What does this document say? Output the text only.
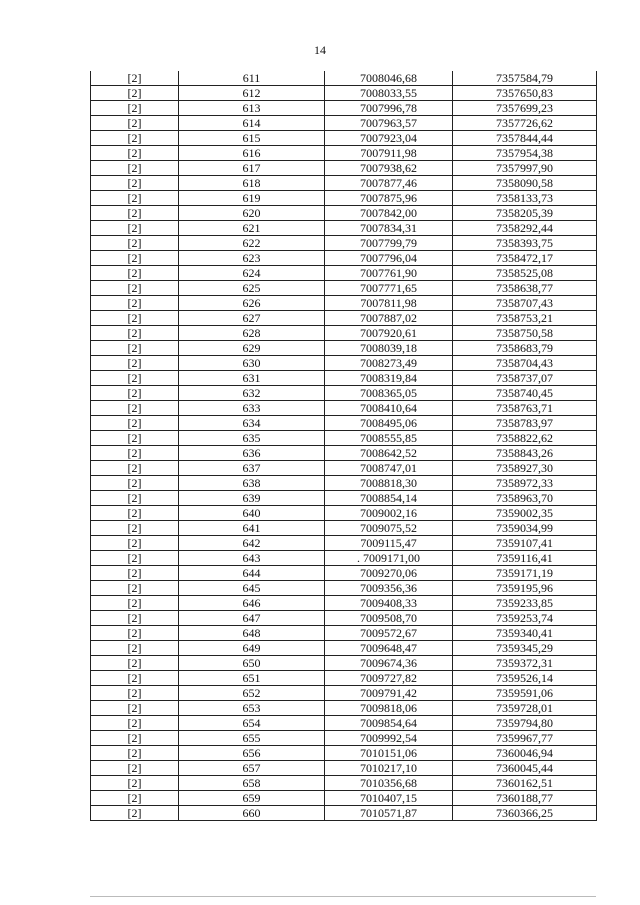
14
[2]	611	7008046,68	7357584,79
[2]	612	7008033,55	7357650,83
[2]	613	7007996,78	7357699,23
[2]	614	7007963,57	7357726,62
[2]	615	7007923,04	7357844,44
[2]	616	7007911,98	7357954,38
[2]	617	7007938,62	7357997,90
[2]	618	7007877,46	7358090,58
[2]	619	7007875,96	7358133,73
[2]	620	7007842,00	7358205,39
[2]	621	7007834,31	7358292,44
[2]	622	7007799,79	7358393,75
[2]	623	7007796,04	7358472,17
[2]	624	7007761,90	7358525,08
[2]	625	7007771,65	7358638,77
[2]	626	7007811,98	7358707,43
[2]	627	7007887,02	7358753,21
[2]	628	7007920,61	7358750,58
[2]	629	7008039,18	7358683,79
[2]	630	7008273,49	7358704,43
[2]	631	7008319,84	7358737,07
[2]	632	7008365,05	7358740,45
[2]	633	7008410,64	7358763,71
[2]	634	7008495,06	7358783,97
[2]	635	7008555,85	7358822,62
[2]	636	7008642,52	7358843,26
[2]	637	7008747,01	7358927,30
[2]	638	7008818,30	7358972,33
[2]	639	7008854,14	7358963,70
[2]	640	7009002,16	7359002,35
[2]	641	7009075,52	7359034,99
[2]	642	7009115,47	7359107,41
[2]	643	. 7009171,00	7359116,41
[2]	644	7009270,06	7359171,19
[2]	645	7009356,36	7359195,96
[2]	646	7009408,33	7359233,85
[2]	647	7009508,70	7359253,74
[2]	648	7009572,67	7359340,41
[2]	649	7009648,47	7359345,29
[2]	650	7009674,36	7359372,31
[2]	651	7009727,82	7359526,14
[2]	652	7009791,42	7359591,06
[2]	653	7009818,06	7359728,01
[2]	654	7009854,64	7359794,80
[2]	655	7009992,54	7359967,77
[2]	656	7010151,06	7360046,94
[2]	657	7010217,10	7360045,44
[2]	658	7010356,68	7360162,51
[2]	659	7010407,15	7360188,77
[2]	660	7010571,87	7360366,25
